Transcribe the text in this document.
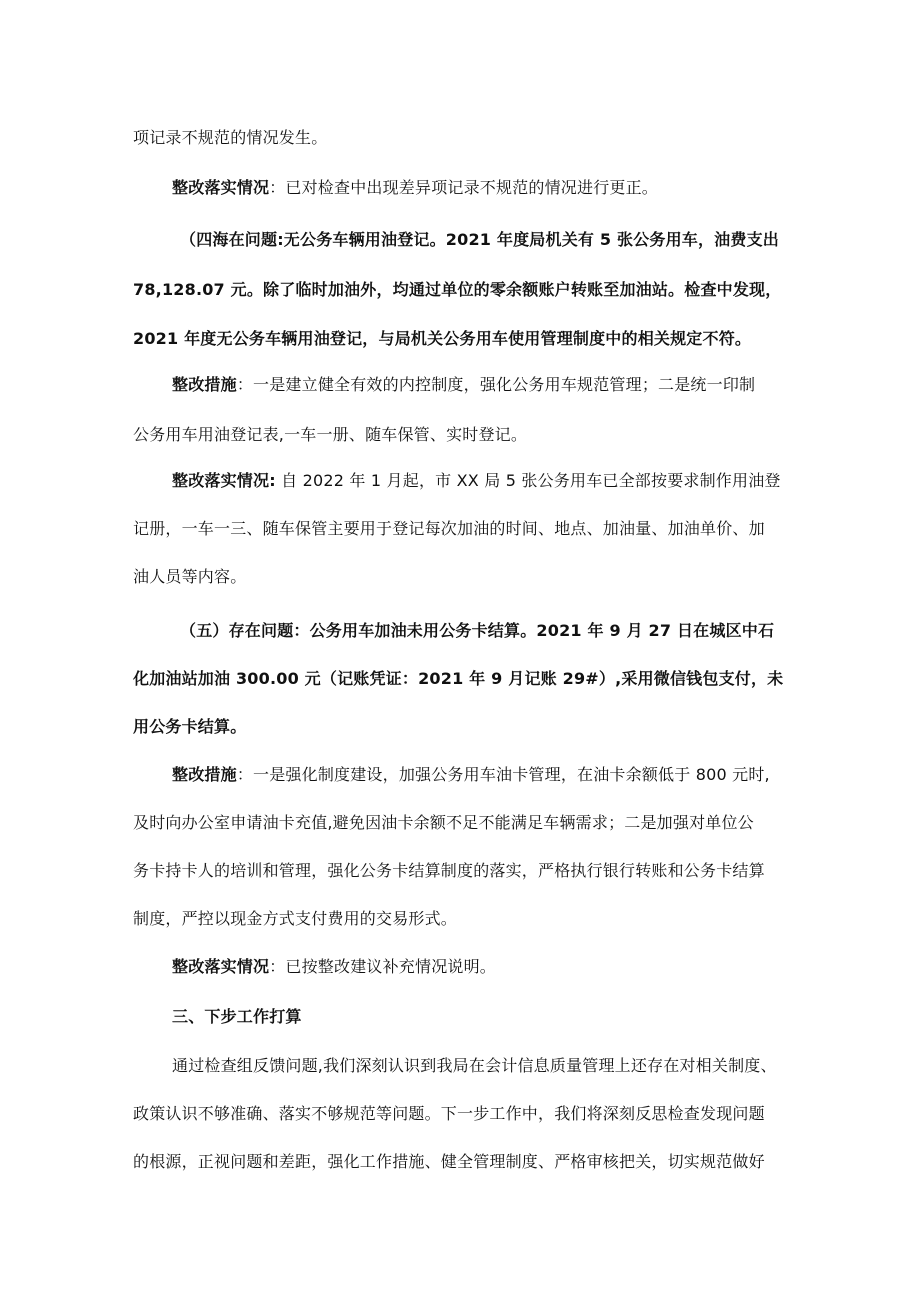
项记录不规范的情况发生。
整改落实情况：已对检查中出现差异项记录不规范的情况进行更正。
（四海在问题:无公务车辆用油登记。2021 年度局机关有 5 张公务用车，油费支出
78,128.07 元。除了临时加油外，均通过单位的零余额账户转账至加油站。检查中发现，
2021 年度无公务车辆用油登记，与局机关公务用车使用管理制度中的相关规定不符。
整改措施：一是建立健全有效的内控制度，强化公务用车规范管理；二是统一印制
公务用车用油登记表,一车一册、随车保管、实时登记。
整改落实情况: 自 2022 年 1 月起，市 XX 局 5 张公务用车已全部按要求制作用油登
记册，一车一三、随车保管主要用于登记每次加油的时间、地点、加油量、加油单价、加
油人员等内容。
（五）存在问题：公务用车加油未用公务卡结算。2021 年 9 月 27 日在城区中石
化加油站加油 300.00 元（记账凭证：2021 年 9 月记账 29#）,采用微信钱包支付，未
用公务卡结算。
整改措施：一是强化制度建设，加强公务用车油卡管理，在油卡余额低于 800 元时,
及时向办公室申请油卡充值,避免因油卡余额不足不能满足车辆需求；二是加强对单位公
务卡持卡人的培训和管理，强化公务卡结算制度的落实，严格执行银行转账和公务卡结算
制度，严控以现金方式支付费用的交易形式。
整改落实情况：已按整改建议补充情况说明。
三、下步工作打算
通过检查组反馈问题,我们深刻认识到我局在会计信息质量管理上还存在对相关制度、
政策认识不够准确、落实不够规范等问题。下一步工作中，我们将深刻反思检查发现问题
的根源，正视问题和差距，强化工作措施、健全管理制度、严格审核把关，切实规范做好
